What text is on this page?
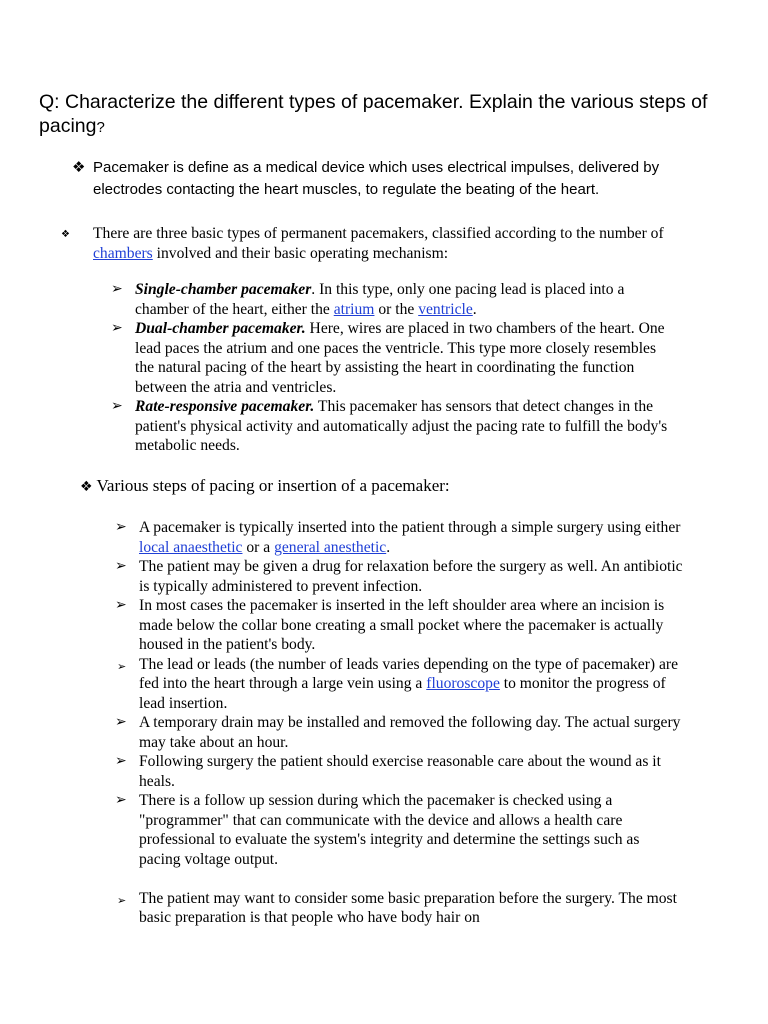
Q: Characterize the different types of pacemaker. Explain the various steps of pacing?
❖ Pacemaker is define as a medical device which uses electrical impulses, delivered by electrodes contacting the heart muscles, to regulate the beating of the heart.
❖ There are three basic types of permanent pacemakers, classified according to the number of chambers involved and their basic operating mechanism:
➢ Single-chamber pacemaker. In this type, only one pacing lead is placed into a chamber of the heart, either the atrium or the ventricle.
➢ Dual-chamber pacemaker. Here, wires are placed in two chambers of the heart. One lead paces the atrium and one paces the ventricle. This type more closely resembles the natural pacing of the heart by assisting the heart in coordinating the function between the atria and ventricles.
➢ Rate-responsive pacemaker. This pacemaker has sensors that detect changes in the patient's physical activity and automatically adjust the pacing rate to fulfill the body's metabolic needs.
❖ Various steps of pacing or insertion of a pacemaker:
➢ A pacemaker is typically inserted into the patient through a simple surgery using either local anaesthetic or a general anesthetic.
➢ The patient may be given a drug for relaxation before the surgery as well. An antibiotic is typically administered to prevent infection.
➢ In most cases the pacemaker is inserted in the left shoulder area where an incision is made below the collar bone creating a small pocket where the pacemaker is actually housed in the patient's body.
➢ The lead or leads (the number of leads varies depending on the type of pacemaker) are fed into the heart through a large vein using a fluoroscope to monitor the progress of lead insertion.
➢ A temporary drain may be installed and removed the following day. The actual surgery may take about an hour.
➢ Following surgery the patient should exercise reasonable care about the wound as it heals.
➢ There is a follow up session during which the pacemaker is checked using a "programmer" that can communicate with the device and allows a health care professional to evaluate the system's integrity and determine the settings such as pacing voltage output.
➢ The patient may want to consider some basic preparation before the surgery. The most basic preparation is that people who have body hair on
